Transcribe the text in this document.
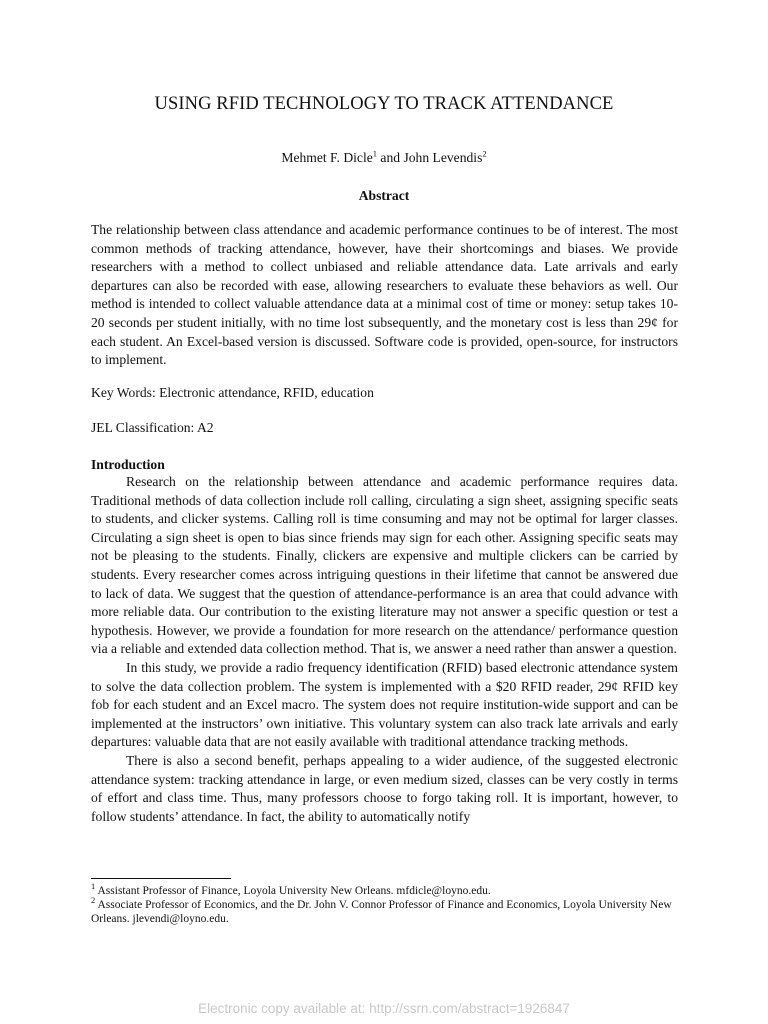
USING RFID TECHNOLOGY TO TRACK ATTENDANCE
Mehmet F. Dicle$^1$ and John Levendis$^2$
Abstract
The relationship between class attendance and academic performance continues to be of interest. The most common methods of tracking attendance, however, have their shortcomings and biases. We provide researchers with a method to collect unbiased and reliable attendance data. Late arrivals and early departures can also be recorded with ease, allowing researchers to evaluate these behaviors as well. Our method is intended to collect valuable attendance data at a minimal cost of time or money: setup takes 10-20 seconds per student initially, with no time lost subsequently, and the monetary cost is less than 29¢ for each student. An Excel-based version is discussed. Software code is provided, open-source, for instructors to implement.
Key Words: Electronic attendance, RFID, education
JEL Classification: A2
Introduction

Research on the relationship between attendance and academic performance requires data. Traditional methods of data collection include roll calling, circulating a sign sheet, assigning specific seats to students, and clicker systems. Calling roll is time consuming and may not be optimal for larger classes. Circulating a sign sheet is open to bias since friends may sign for each other. Assigning specific seats may not be pleasing to the students. Finally, clickers are expensive and multiple clickers can be carried by students. Every researcher comes across intriguing questions in their lifetime that cannot be answered due to lack of data. We suggest that the question of attendance-performance is an area that could advance with more reliable data. Our contribution to the existing literature may not answer a specific question or test a hypothesis. However, we provide a foundation for more research on the attendance/ performance question via a reliable and extended data collection method. That is, we answer a need rather than answer a question.

In this study, we provide a radio frequency identification (RFID) based electronic attendance system to solve the data collection problem. The system is implemented with a $20 RFID reader, 29¢ RFID key fob for each student and an Excel macro. The system does not require institution-wide support and can be implemented at the instructors’ own initiative. This voluntary system can also track late arrivals and early departures: valuable data that are not easily available with traditional attendance tracking methods.

There is also a second benefit, perhaps appealing to a wider audience, of the suggested electronic attendance system: tracking attendance in large, or even medium sized, classes can be very costly in terms of effort and class time. Thus, many professors choose to forgo taking roll. It is important, however, to follow students’ attendance. In fact, the ability to automatically notify

$^1$ Assistant Professor of Finance, Loyola University New Orleans. mfdicle@loyno.edu.

$^2$ Associate Professor of Economics, and the Dr. John V. Connor Professor of Finance and Economics, Loyola University New Orleans. jlevendi@loyno.edu.

Electronic copy available at: http://ssrn.com/abstract=1926847
